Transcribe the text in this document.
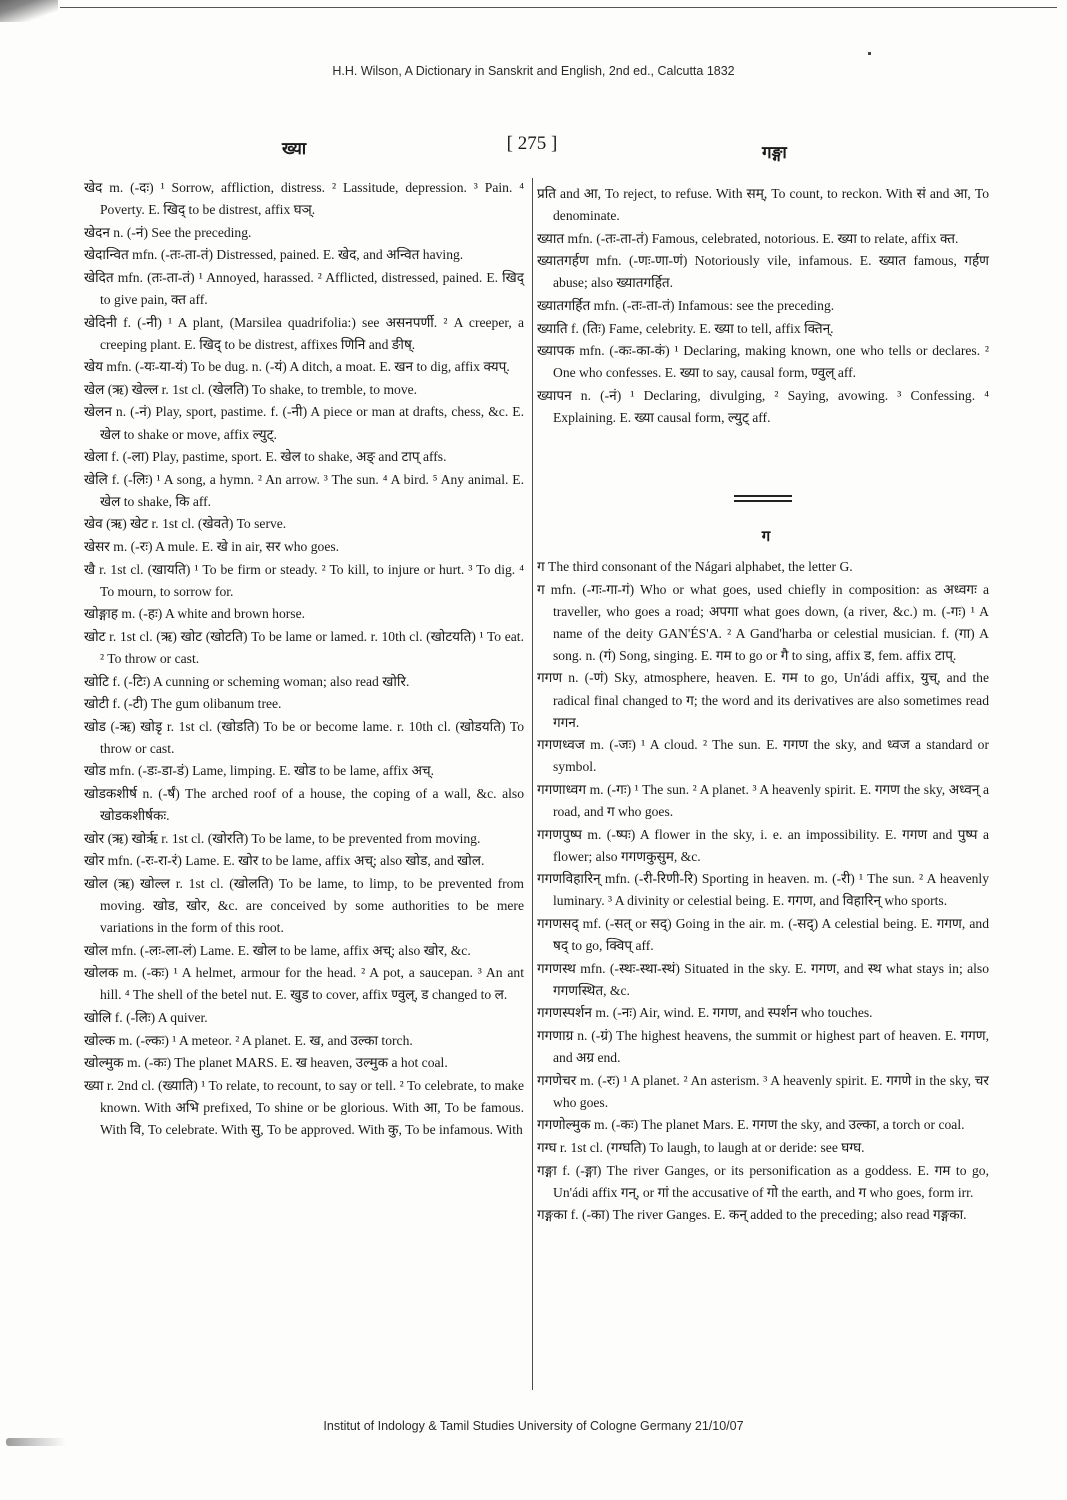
H.H. Wilson, A Dictionary in Sanskrit and English, 2nd ed., Calcutta 1832
ख्या	[ 275 ]	गङ्गा

खेद m. (-दः) ¹ Sorrow, affliction, distress. ² Lassitude, depression. ³ Pain. ⁴ Poverty. E. खिद् to be distrest, affix घञ्.

खेदन n. (-नं) See the preceding.

खेदान्वित mfn. (-तः-ता-तं) Distressed, pained. E. खेद, and अन्वित having.

खेदित mfn. (तः-ता-तं) ¹ Annoyed, harassed. ² Afflicted, distressed, pained. E. खिद् to give pain, क्त aff.

खेदिनी f. (-नी) ¹ A plant, (Marsilea quadrifolia:) see असनपर्णी. ² A creeper, a creeping plant. E. खिद् to be distrest, affixes णिनि and ङीष्.

खेय mfn. (-यः-या-यं) To be dug. n. (-यं) A ditch, a moat. E. खन to dig, affix क्यप्.

खेल (ऋ) खेल्ल r. 1st cl. (खेलति) To shake, to tremble, to move.

खेलन n. (-नं) Play, sport, pastime. f. (-नी) A piece or man at drafts, chess, &c. E. खेल to shake or move, affix ल्युट्.

खेला f. (-ला) Play, pastime, sport. E. खेल to shake, अङ् and टाप् affs.

खेलि f. (-लिः) ¹ A song, a hymn. ² An arrow. ³ The sun. ⁴ A bird. ⁵ Any animal. E. खेल to shake, कि aff.

खेव (ऋ) खेट r. 1st cl. (खेवते) To serve.

खेसर m. (-रः) A mule. E. खे in air, सर who goes.

खै r. 1st cl. (खायति) ¹ To be firm or steady. ² To kill, to injure or hurt. ³ To dig. ⁴ To mourn, to sorrow for.

खोङ्गाह m. (-हः) A white and brown horse.

खोट r. 1st cl. (ऋ) खोट (खोटति) To be lame or lamed. r. 10th cl. (खोटयति) ¹ To eat. ² To throw or cast.

खोटि f. (-टिः) A cunning or scheming woman; also read खोरि.

खोटी f. (-टी) The gum olibanum tree.

खोड (-ऋ) खोडृ r. 1st cl. (खोडति) To be or become lame. r. 10th cl. (खोडयति) To throw or cast.

खोड mfn. (-डः-डा-डं) Lame, limping. E. खोड to be lame, affix अच्.

खोडकशीर्ष n. (-र्षं) The arched roof of a house, the coping of a wall, &c. also खोडकशीर्षकः.

खोर (ऋ) खोर्ऋ r. 1st cl. (खोरति) To be lame, to be prevented from moving.

खोर mfn. (-रः-रा-रं) Lame. E. खोर to be lame, affix अच्; also खोड, and खोल.

खोल (ऋ) खोल्ल r. 1st cl. (खोलति) To be lame, to limp, to be prevented from moving. खोड, खोर, &c. are conceived by some authorities to be mere variations in the form of this root.

खोल mfn. (-लः-ला-लं) Lame. E. खोल to be lame, affix अच्; also खोर, &c.

खोलक m. (-कः) ¹ A helmet, armour for the head. ² A pot, a saucepan. ³ An ant hill. ⁴ The shell of the betel nut. E. खुड to cover, affix ण्वुल्, ड changed to ल.

खोलि f. (-लिः) A quiver.

खोल्क m. (-ल्कः) ¹ A meteor. ² A planet. E. ख, and उल्का torch.

खोल्मुक m. (-कः) The planet MARS. E. ख heaven, उल्मुक a hot coal.

ख्या r. 2nd cl. (ख्याति) ¹ To relate, to recount, to say or tell. ² To celebrate, to make known. With अभि prefixed, To shine or be glorious. With आ, To be famous. With वि, To celebrate. With सु, To be approved. With कु, To be infamous. With

प्रति and आ, To reject, to refuse. With सम्, To count, to reckon. With सं and आ, To denominate.

ख्यात mfn. (-तः-ता-तं) Famous, celebrated, notorious. E. ख्या to relate, affix क्त.

ख्यातगर्हण mfn. (-णः-णा-णं) Notoriously vile, infamous. E. ख्यात famous, गर्हण abuse; also ख्यातगर्हित.

ख्यातगर्हित mfn. (-तः-ता-तं) Infamous: see the preceding.

ख्याति f. (तिः) Fame, celebrity. E. ख्या to tell, affix क्तिन्.

ख्यापक mfn. (-कः-का-कं) ¹ Declaring, making known, one who tells or declares. ² One who confesses. E. ख्या to say, causal form, ण्वुल् aff.

ख्यापन n. (-नं) ¹ Declaring, divulging, ² Saying, avowing. ³ Confessing. ⁴ Explaining. E. ख्या causal form, ल्युट् aff.

ग

ग The third consonant of the Nágari alphabet, the letter G.

ग mfn. (-गः-गा-गं) Who or what goes, used chiefly in composition: as अध्वगः a traveller, who goes a road; अपगा what goes down, (a river, &c.) m. (-गः) ¹ A name of the deity GAN'ÉS'A. ² A Gand'harba or celestial musician. f. (गा) A song. n. (गं) Song, singing. E. गम to go or गै to sing, affix ड, fem. affix टाप्.

गगण n. (-णं) Sky, atmosphere, heaven. E. गम to go, Un'ádi affix, युच्, and the radical final changed to ग; the word and its derivatives are also sometimes read गगन.

गगणध्वज m. (-जः) ¹ A cloud. ² The sun. E. गगण the sky, and ध्वज a standard or symbol.

गगणाध्वग m. (-गः) ¹ The sun. ² A planet. ³ A heavenly spirit. E. गगण the sky, अध्वन् a road, and ग who goes.

गगणपुष्प m. (-ष्पः) A flower in the sky, i. e. an impossibility. E. गगण and पुष्प a flower; also गगणकुसुम, &c.

गगणविहारिन् mfn. (-री-रिणी-रि) Sporting in heaven. m. (-री) ¹ The sun. ² A heavenly luminary. ³ A divinity or celestial being. E. गगण, and विहारिन् who sports.

गगणसद् mf. (-सत् or सद्) Going in the air. m. (-सद्) A celestial being. E. गगण, and षद् to go, क्विप् aff.

गगणस्थ mfn. (-स्थः-स्था-स्थं) Situated in the sky. E. गगण, and स्थ what stays in; also गगणस्थित, &c.

गगणस्पर्शन m. (-नः) Air, wind. E. गगण, and स्पर्शन who touches.

गगणाग्र n. (-ग्रं) The highest heavens, the summit or highest part of heaven. E. गगण, and अग्र end.

गगणेचर m. (-रः) ¹ A planet. ² An asterism. ³ A heavenly spirit. E. गगणे in the sky, चर who goes.

गगणोल्मुक m. (-कः) The planet Mars. E. गगण the sky, and उल्का, a torch or coal.

गग्घ r. 1st cl. (गग्घति) To laugh, to laugh at or deride: see घग्घ.

गङ्गा f. (-ङ्गा) The river Ganges, or its personification as a goddess. E. गम to go, Un'ádi affix गन्, or गां the accusative of गो the earth, and ग who goes, form irr.

गङ्गका f. (-का) The river Ganges. E. कन् added to the preceding; also read गङ्गका.

Institut of Indology & Tamil Studies University of Cologne Germany 21/10/07
